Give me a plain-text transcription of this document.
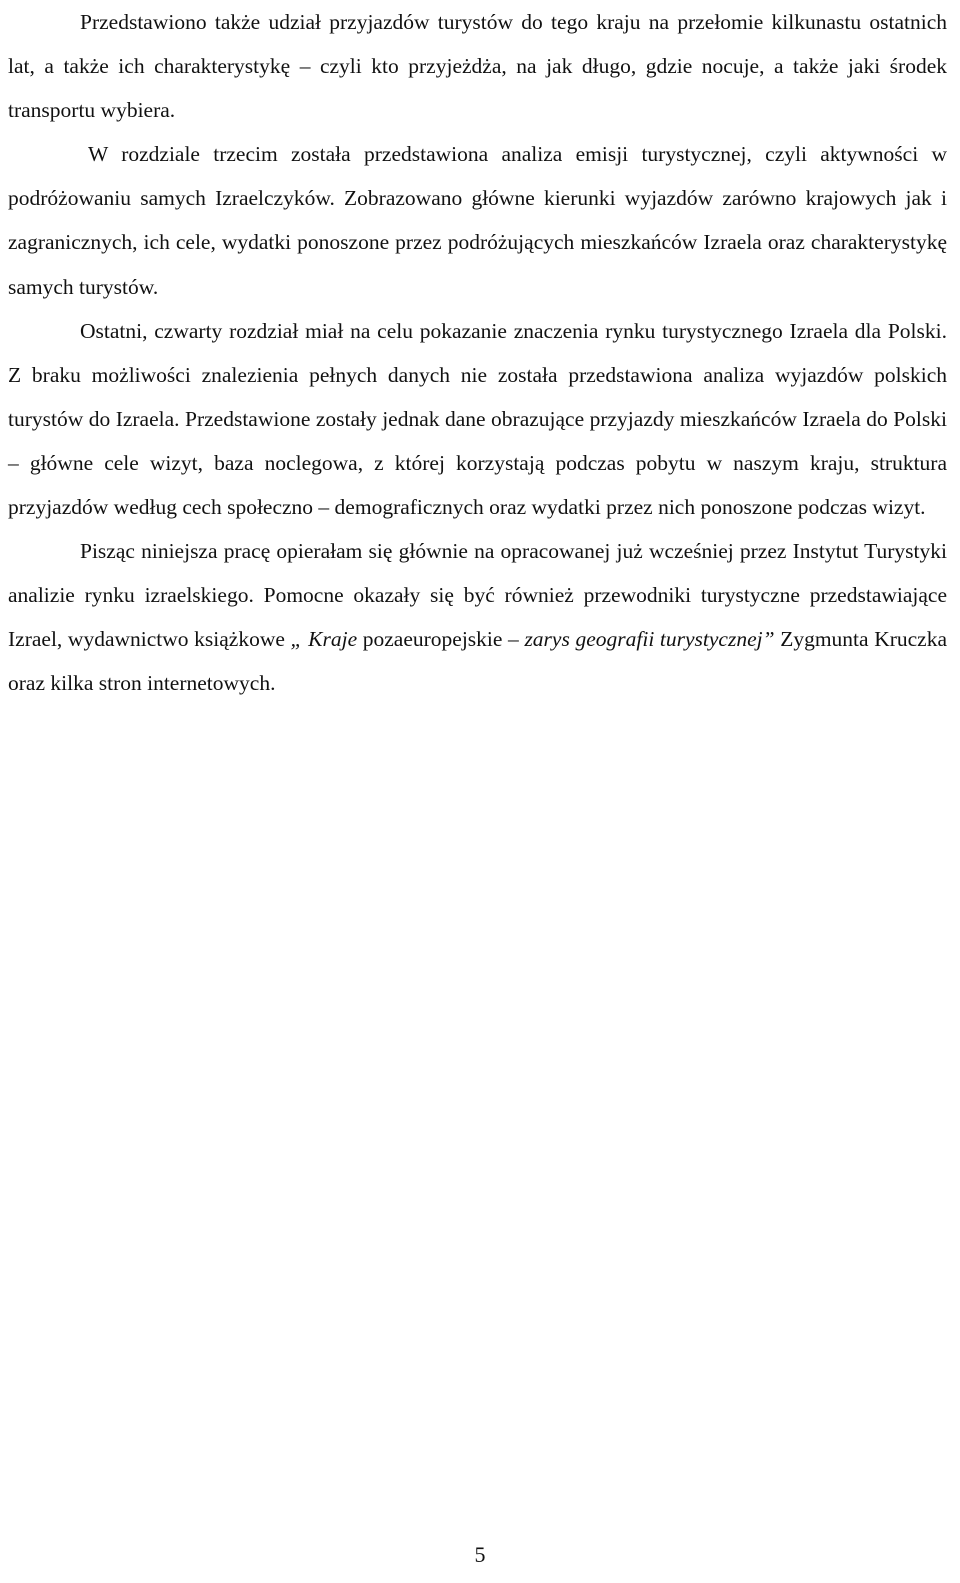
Przedstawiono także udział przyjazdów turystów do tego kraju na przełomie kilkunastu ostatnich lat, a także ich charakterystykę – czyli kto przyjeżdża, na jak długo, gdzie nocuje, a także jaki środek transportu wybiera.

W rozdziale trzecim została przedstawiona analiza emisji turystycznej, czyli aktywności w podróżowaniu samych Izraelczyków. Zobrazowano główne kierunki wyjazdów zarówno krajowych jak i zagranicznych, ich cele, wydatki ponoszone przez podróżujących mieszkańców Izraela oraz charakterystykę samych turystów.

Ostatni, czwarty rozdział miał na celu pokazanie znaczenia rynku turystycznego Izraela dla Polski. Z braku możliwości znalezienia pełnych danych nie została przedstawiona analiza wyjazdów polskich turystów do Izraela. Przedstawione zostały jednak dane obrazujące przyjazdy mieszkańców Izraela do Polski – główne cele wizyt, baza noclegowa, z której korzystają podczas pobytu w naszym kraju, struktura przyjazdów według cech społeczno – demograficznych oraz wydatki przez nich ponoszone podczas wizyt.

Pisząc niniejsza pracę opierałam się głównie na opracowanej już wcześniej przez Instytut Turystyki analizie rynku izraelskiego. Pomocne okazały się być również przewodniki turystyczne przedstawiające Izrael, wydawnictwo książkowe „ Kraje pozaeuropejskie – zarys geografii turystycznej” Zygmunta Kruczka oraz kilka stron internetowych.

5
